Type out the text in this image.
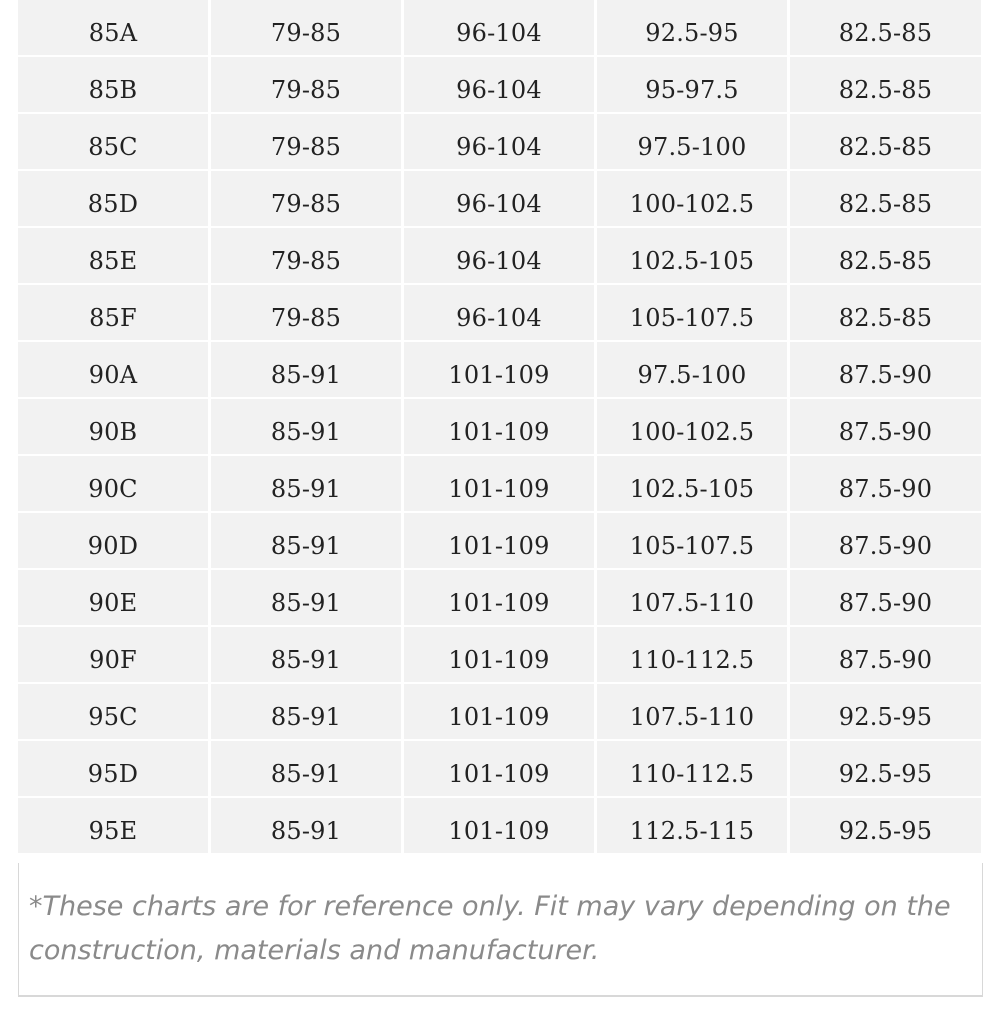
85A	79-85	96-104	92.5-95	82.5-85
85B	79-85	96-104	95-97.5	82.5-85
85C	79-85	96-104	97.5-100	82.5-85
85D	79-85	96-104	100-102.5	82.5-85
85E	79-85	96-104	102.5-105	82.5-85
85F	79-85	96-104	105-107.5	82.5-85
90A	85-91	101-109	97.5-100	87.5-90
90B	85-91	101-109	100-102.5	87.5-90
90C	85-91	101-109	102.5-105	87.5-90
90D	85-91	101-109	105-107.5	87.5-90
90E	85-91	101-109	107.5-110	87.5-90
90F	85-91	101-109	110-112.5	87.5-90
95C	85-91	101-109	107.5-110	92.5-95
95D	85-91	101-109	110-112.5	92.5-95
95E	85-91	101-109	112.5-115	92.5-95

*These charts are for reference only. Fit may vary depending on the construction, materials and manufacturer.
